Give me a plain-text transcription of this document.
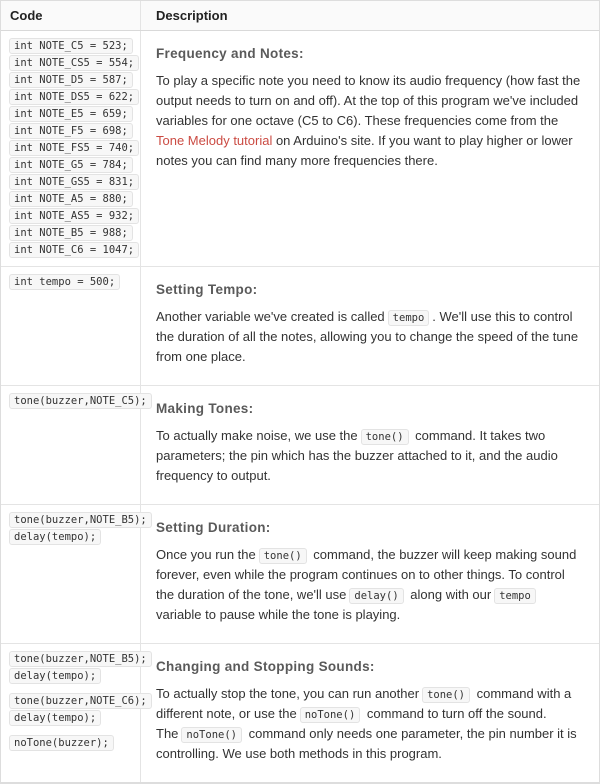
Code	Description
int NOTE_C5 = 523;
int NOTE_CS5 = 554;
int NOTE_D5 = 587;
int NOTE_DS5 = 622;
int NOTE_E5 = 659;
int NOTE_F5 = 698;
int NOTE_FS5 = 740;
int NOTE_G5 = 784;
int NOTE_GS5 = 831;
int NOTE_A5 = 880;
int NOTE_AS5 = 932;
int NOTE_B5 = 988;
int NOTE_C6 = 1047;
Frequency and Notes:

To play a specific note you need to know its audio frequency (how fast the output needs to turn on and off). At the top of this program we've included variables for one octave (C5 to C6). These frequencies come from the Tone Melody tutorial on Arduino's site. If you want to play higher or lower notes you can find many more frequencies there.

int tempo = 500;	Setting Tempo:

Another variable we've created is called tempo . We'll use this to control the duration of all the notes, allowing you to change the speed of the tune from one place.

tone(buzzer,NOTE_C5); Making Tones:

To actually make noise, we use the tone() command. It takes two parameters; the pin which has the buzzer attached to it, and the audio frequency to output.

tone(buzzer,NOTE_B5);
delay(tempo);
Setting Duration:

Once you run the tone() command, the buzzer will keep making sound forever, even while the program continues on to other things. To control the duration of the tone, we'll use delay() along with our tempo variable to pause while the tone is playing.

tone(buzzer,NOTE_B5);
delay(tempo);
tone(buzzer,NOTE_C6);
delay(tempo);
noTone(buzzer);
Changing and Stopping Sounds:

To actually stop the tone, you can run another tone() command with a different note, or use the noTone() command to turn off the sound. The noTone() command only needs one parameter, the pin number it is controlling. We use both methods in this program.
